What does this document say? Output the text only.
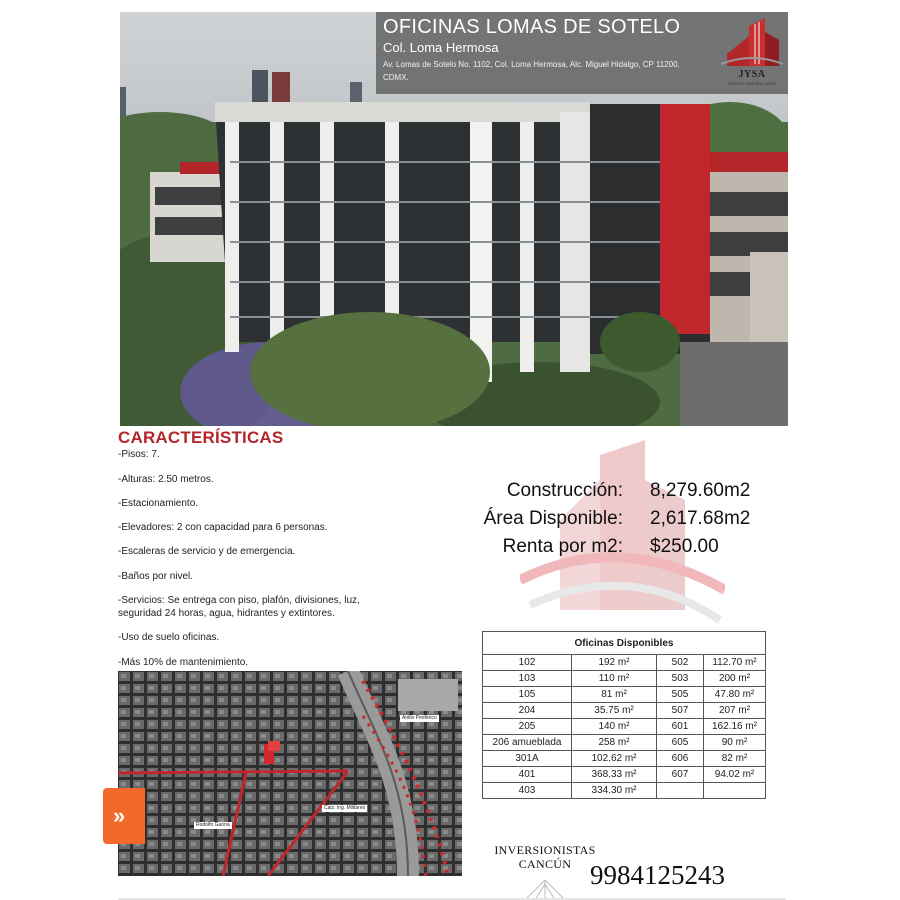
OFICINAS LOMAS DE SOTELO
Col. Loma Hermosa
Av. Lomas de Sotelo No. 1102, Col. Loma Hermosa, Alc. Miguel Hidalgo, CP 11200, CDMX.	JYSA
GRUPO INMOBILIARIO
CARACTERÍSTICAS
-Pisos: 7.
-Alturas: 2.50 metros.
-Estacionamiento.
-Elevadores: 2 con capacidad para 6 personas.
-Escaleras de servicio y de emergencia.
-Baños por nivel.
-Servicios: Se entrega con piso, plafón, divisiones, luz, seguridad 24 horas, agua, hidrantes y extintores.
-Uso de suelo oficinas.
-Más 10% de mantenimiento.
Construcción: 8,279.60m2
Área Disponible: 2,617.68m2
Renta por m2: $250.00
Oficinas Disponibles			
102	192 m²	502	112.70 m²
103	110 m²	503	200 m²
105	81 m²	505	47.80 m²
204	35.75 m²	507	207 m²
205	140 m²	601	162.16 m²
206 amueblada	258 m²	605	90 m²
301A	102.62 m²	606	82 m²
401	368.33 m²	607	94.02 m²
403	334.30 m²		
Anillo Periférico
Calz. Ing. Militares
Rodolfo Gaona
»
INVERSIONISTAS
CANCÚN 9984125243
